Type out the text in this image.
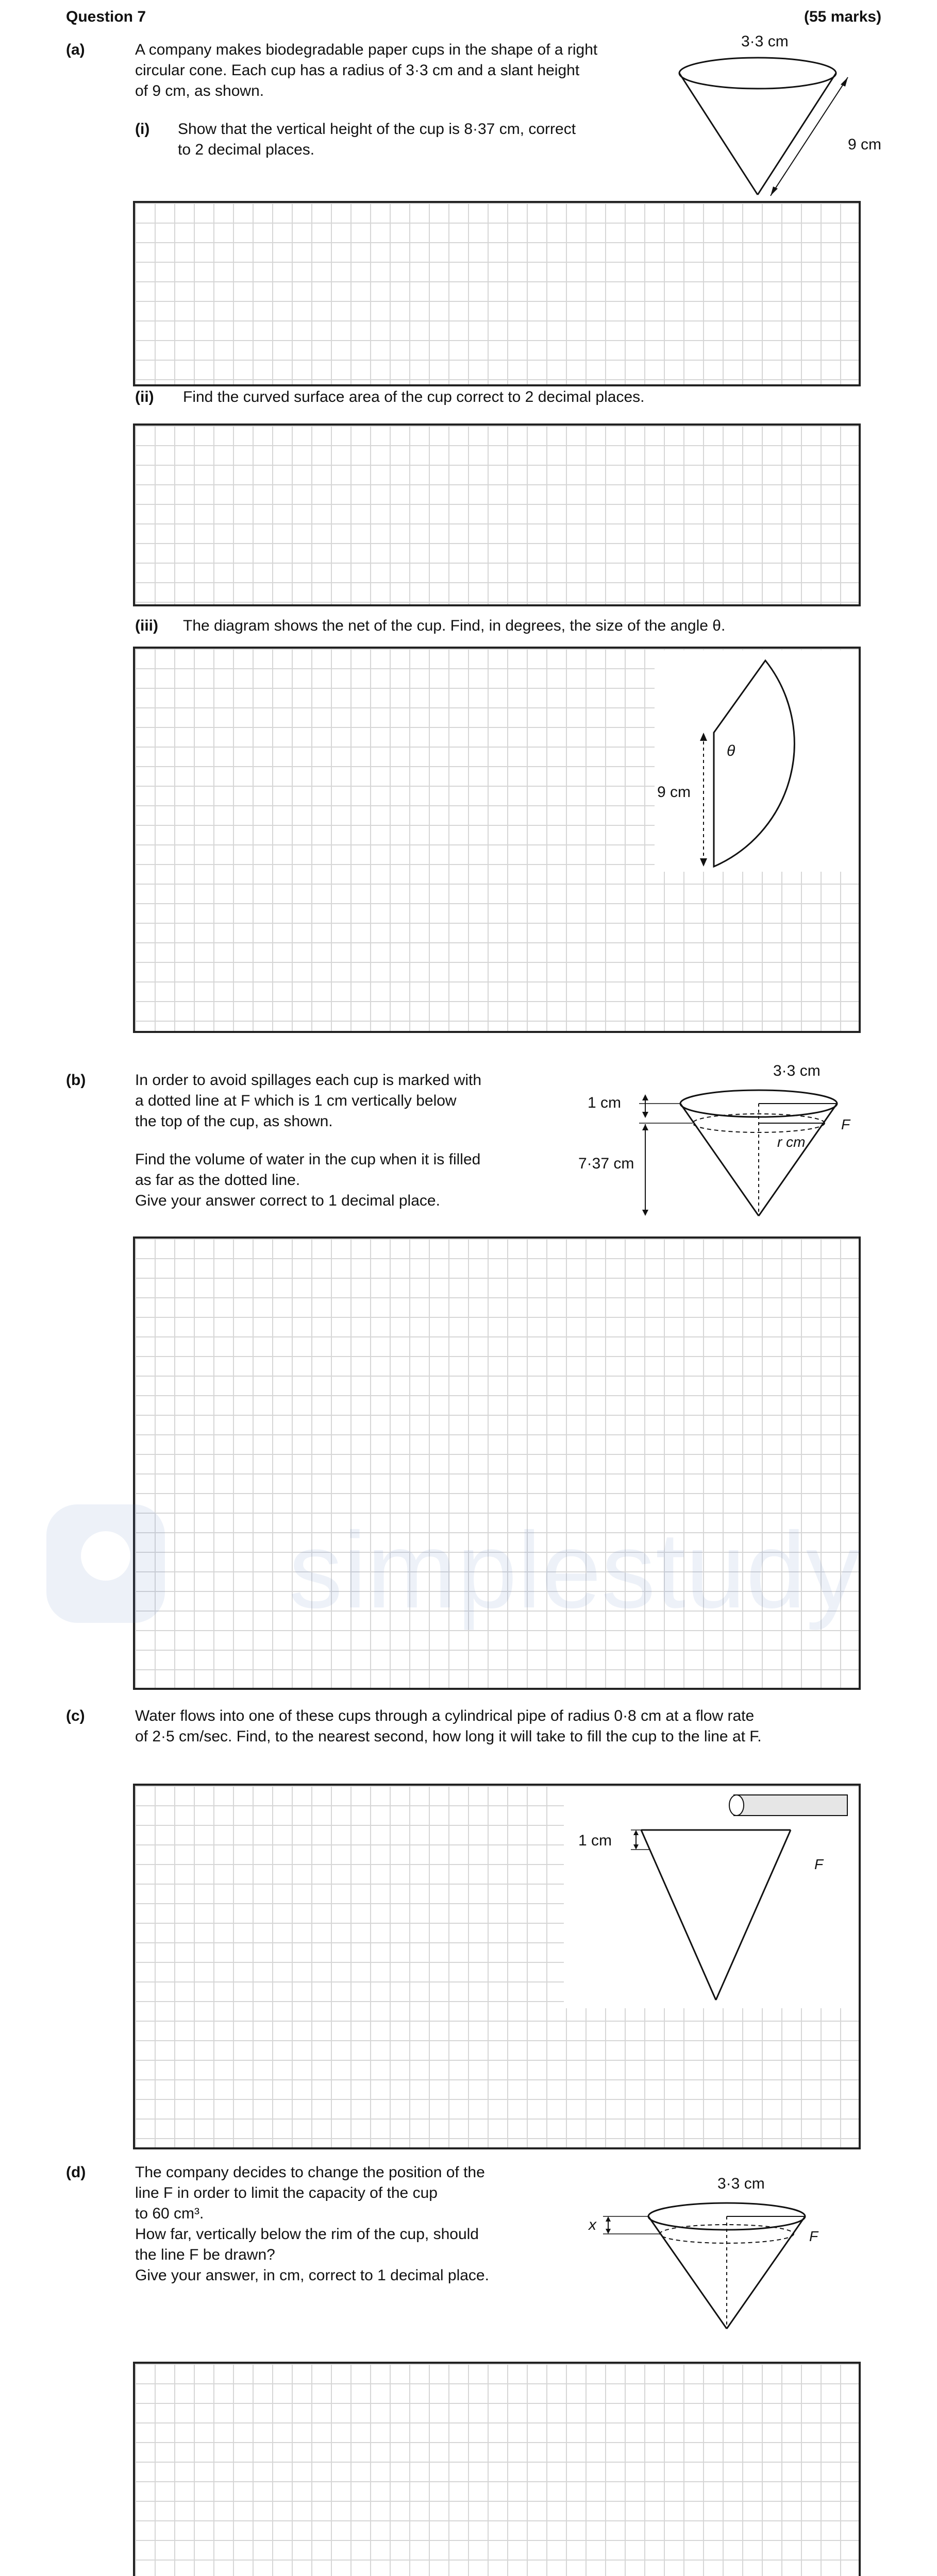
Question 7	(55 marks)
(a)	A company makes biodegradable paper cups in the shape of a right
circular cone. Each cup has a radius of 3·3 cm and a slant height
of 9 cm, as shown.
(i) Show that the vertical height of the cup is 8·37 cm, correct
to 2 decimal places.
3·3 cm
9 cm
(ii) Find the curved surface area of the cup correct to 2 decimal places.
(iii) The diagram shows the net of the cup. Find, in degrees, the size of the angle θ.
θ
9 cm
(b)	In order to avoid spillages each cup is marked with
a dotted line at F which is 1 cm vertically below
the top of the cup, as shown.
Find the volume of water in the cup when it is filled
as far as the dotted line.
Give your answer correct to 1 decimal place.
3·3 cm
1 cm
7·37 cm
r cm
F
(c)	Water flows into one of these cups through a cylindrical pipe of radius 0·8 cm at a flow rate
of 2·5 cm/sec. Find, to the nearest second, how long it will take to fill the cup to the line at F.
1 cm
F
(d)	The company decides to change the position of the
line F in order to limit the capacity of the cup
to 60 cm³.
How far, vertically below the rim of the cup, should
the line F be drawn?
Give your answer, in cm, correct to 1 decimal place.
3·3 cm
x
F
simplestudy
